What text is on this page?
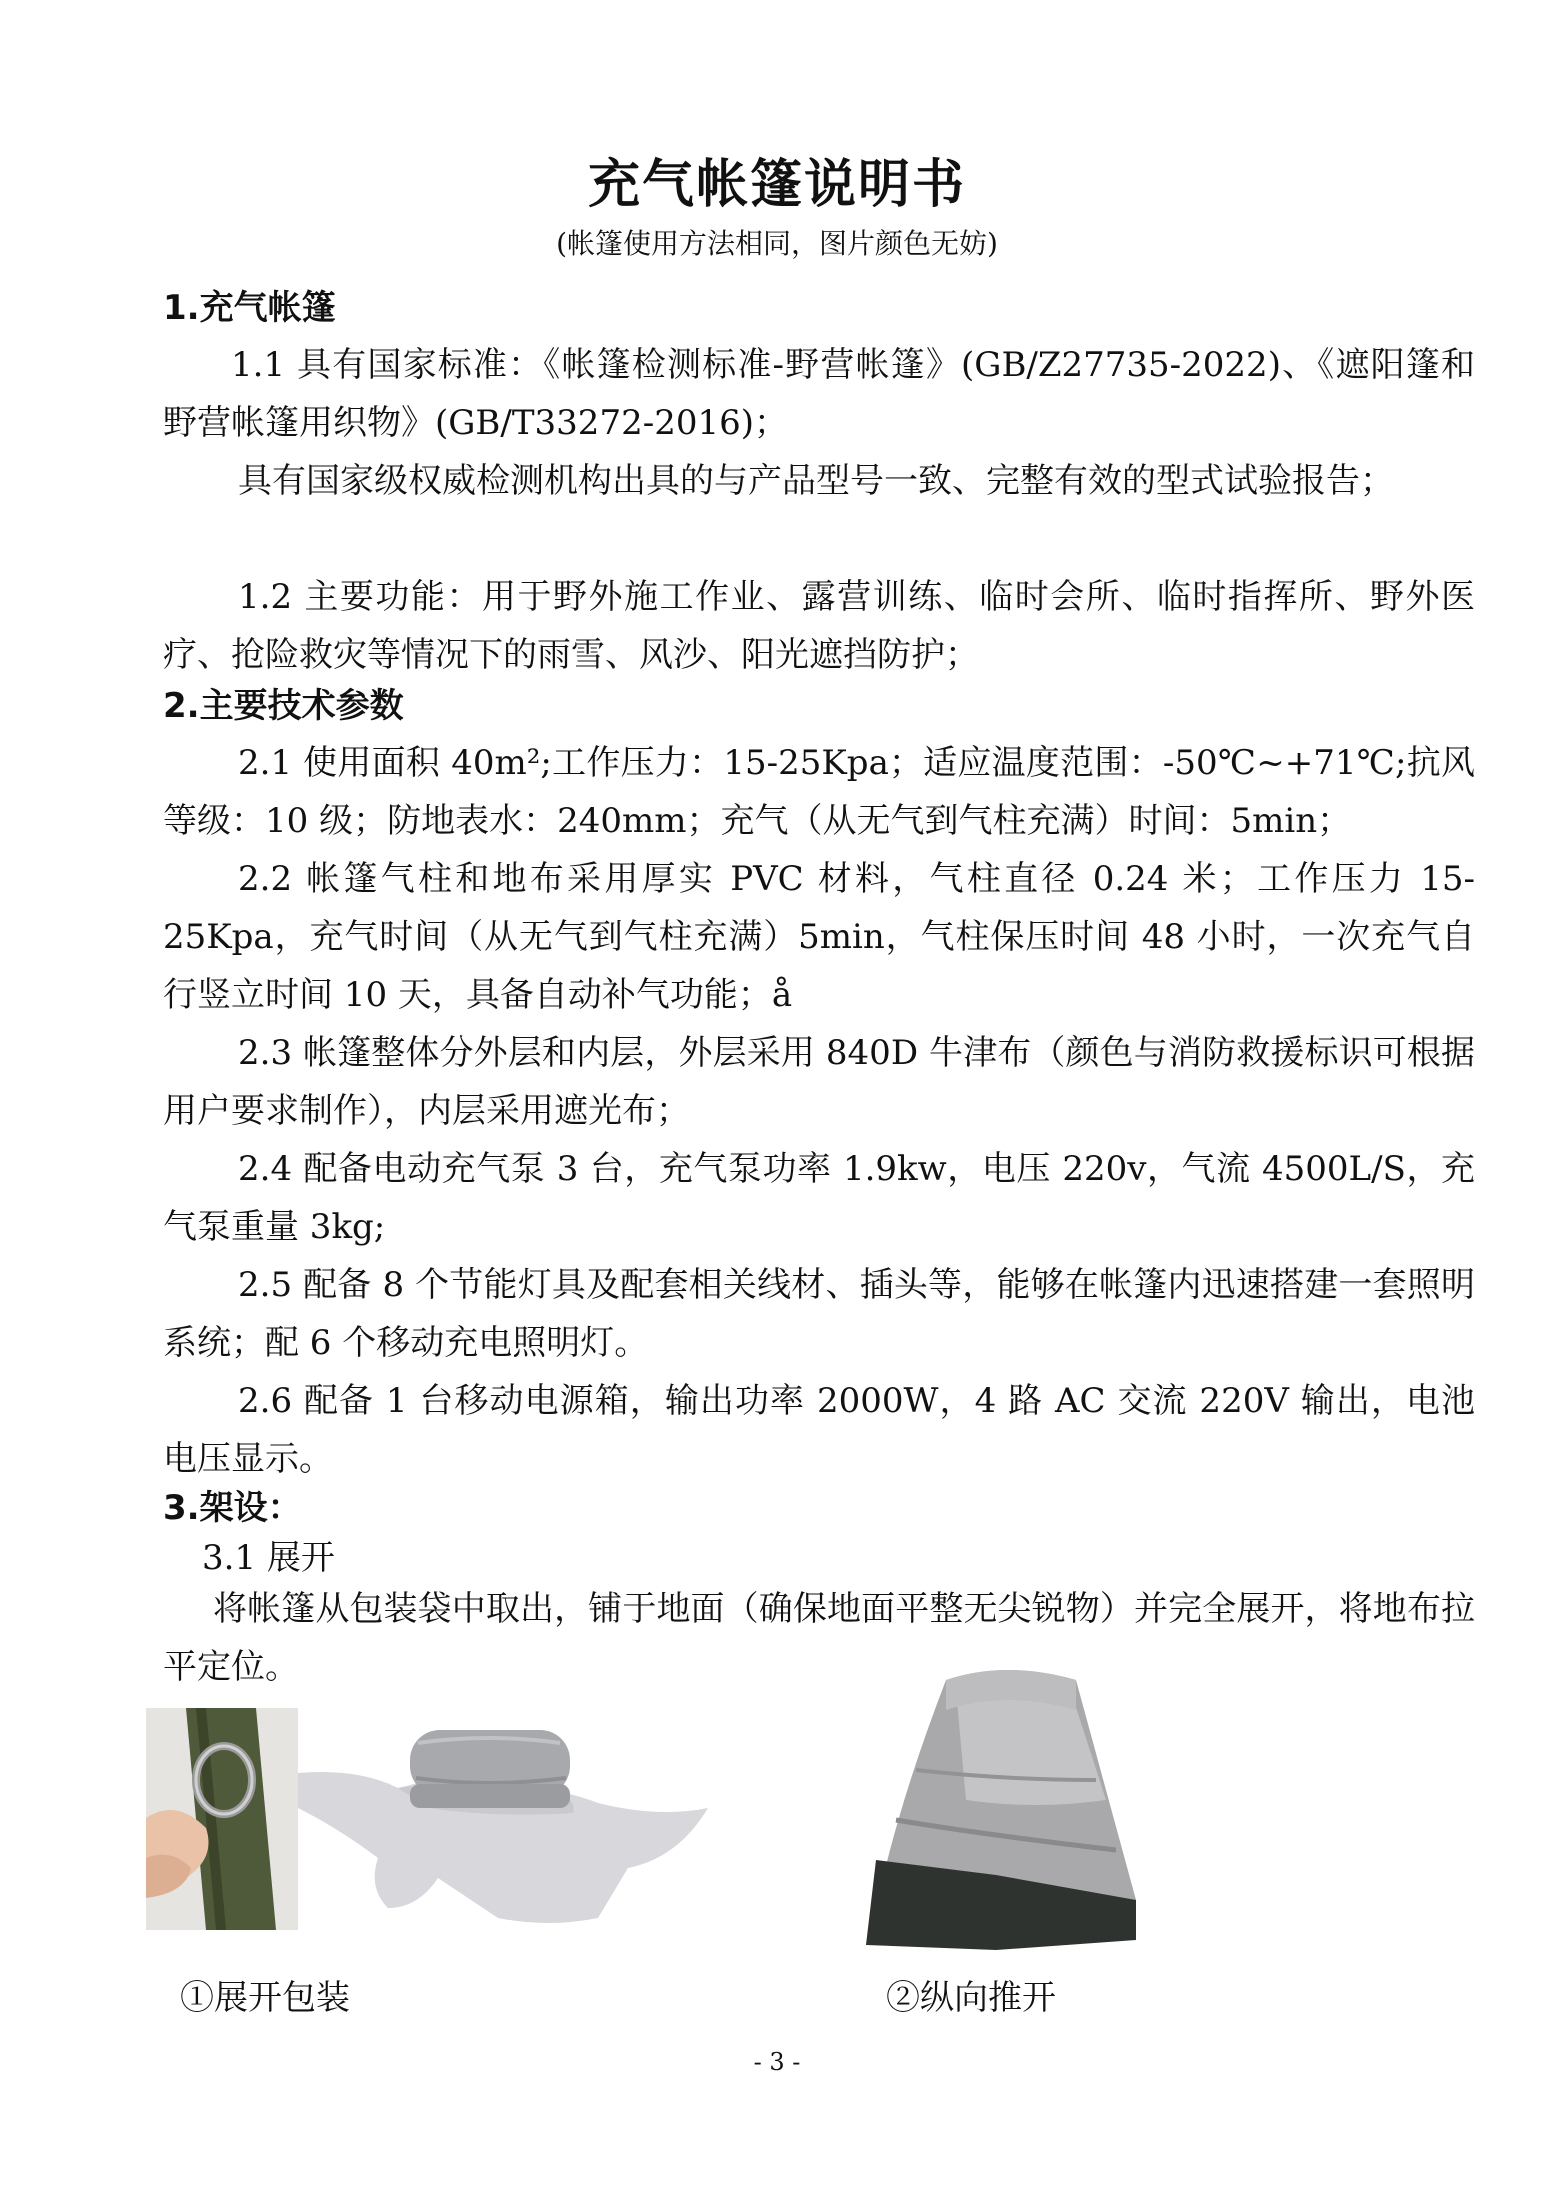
充气帐篷说明书
(帐篷使用方法相同，图片颜色无妨)
1.充气帐篷
1.1 具有国家标准：《帐篷检测标准-野营帐篷》(GB/Z27735-2022)、《遮阳篷和野营帐篷用织物》(GB/T33272-2016)；
具有国家级权威检测机构出具的与产品型号一致、完整有效的型式试验报告；
1.2 主要功能：用于野外施工作业、露营训练、临时会所、临时指挥所、野外医疗、抢险救灾等情况下的雨雪、风沙、阳光遮挡防护；
2.主要技术参数
2.1 使用面积 40m²;工作压力：15-25Kpa；适应温度范围：-50℃~+71℃;抗风等级：10 级；防地表水：240mm；充气（从无气到气柱充满）时间：5min；
2.2 帐篷气柱和地布采用厚实 PVC 材料，气柱直径 0.24 米；工作压力 15-25Kpa，充气时间（从无气到气柱充满）5min，气柱保压时间 48 小时，一次充气自行竖立时间 10 天，具备自动补气功能；å
2.3 帐篷整体分外层和内层，外层采用 840D 牛津布（颜色与消防救援标识可根据用户要求制作），内层采用遮光布；
2.4 配备电动充气泵 3 台，充气泵功率 1.9kw，电压 220v，气流 4500L/S，充气泵重量 3kg;
2.5 配备 8 个节能灯具及配套相关线材、插头等，能够在帐篷内迅速搭建一套照明系统；配 6 个移动充电照明灯。
2.6 配备 1 台移动电源箱，输出功率 2000W，4 路 AC 交流 220V 输出，电池电压显示。
3.架设：
3.1 展开
将帐篷从包装袋中取出，铺于地面（确保地面平整无尖锐物）并完全展开，将地布拉平定位。
①展开包装	②纵向推开
- 3 -
